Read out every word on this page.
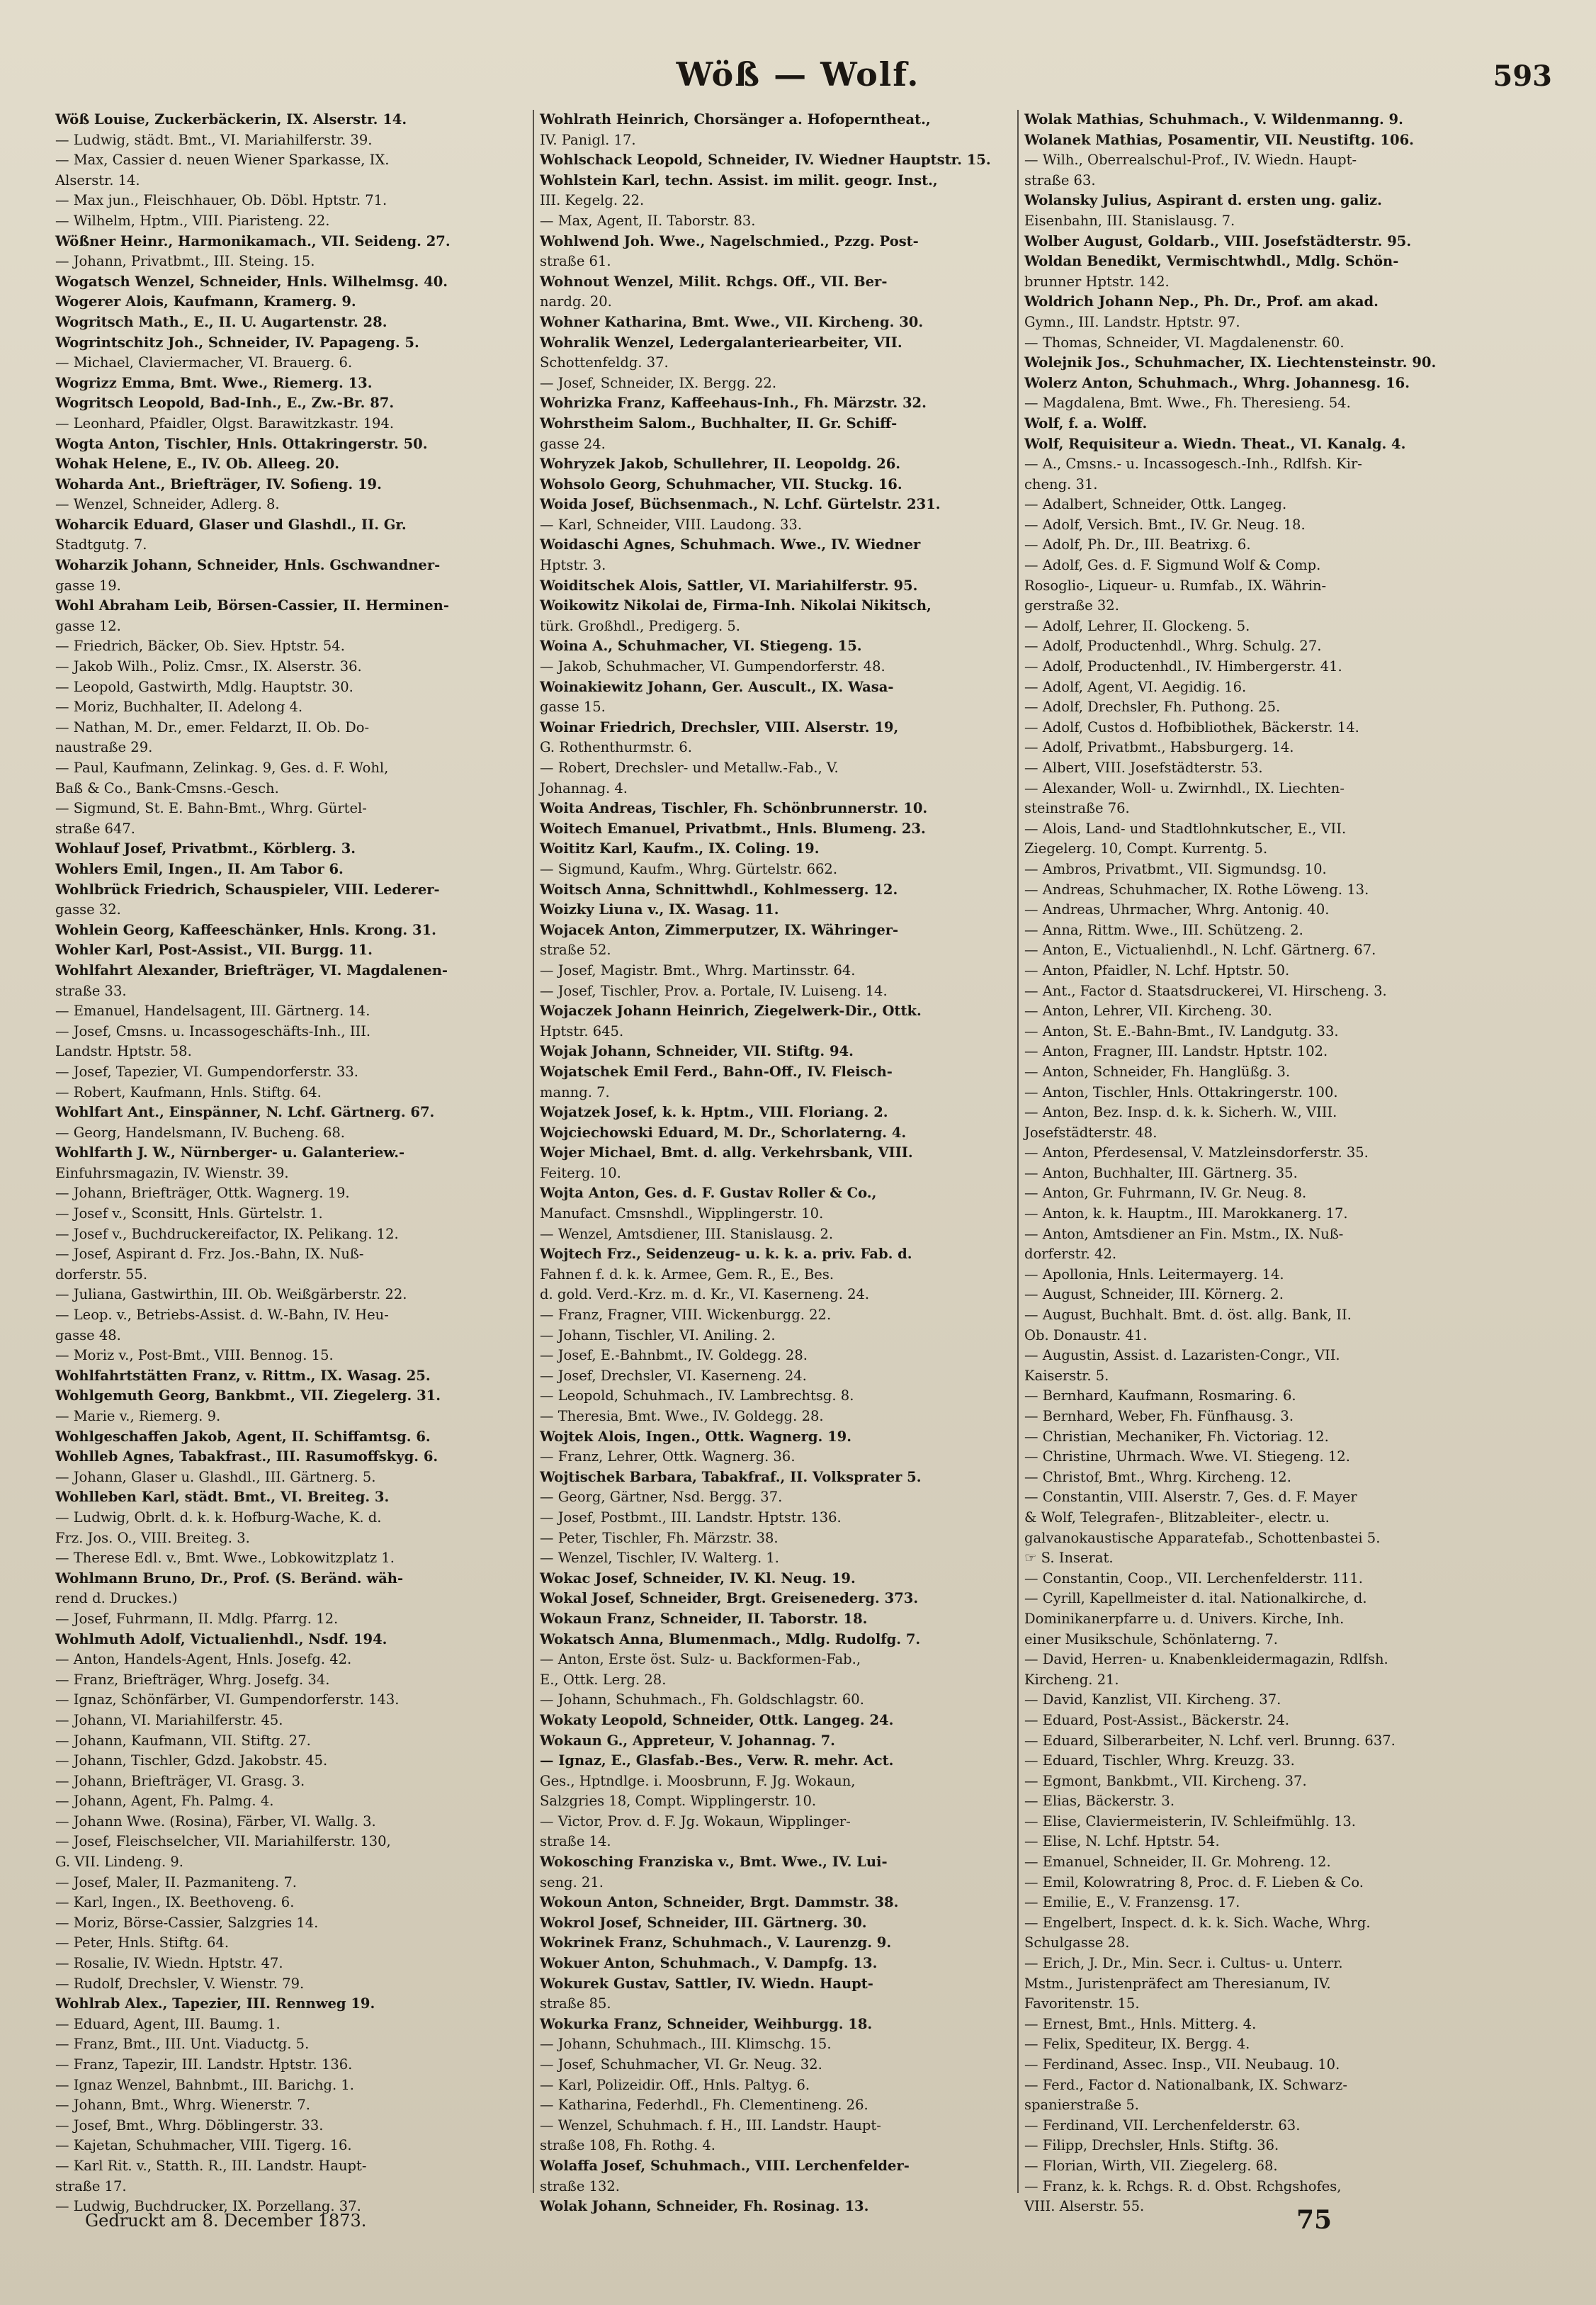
Wöß — Wolf.	593
Wöß Louise, Zuckerbäckerin, IX. Alserstr. 14.
— Ludwig, städt. Bmt., VI. Mariahilferstr. 39.
— Max, Cassier d. neuen Wiener Sparkasse, IX.
Alserstr. 14.
— Max jun., Fleischhauer, Ob. Döbl. Hptstr. 71.
— Wilhelm, Hptm., VIII. Piaristeng. 22.
Wößner Heinr., Harmonikamach., VII. Seideng. 27.
— Johann, Privatbmt., III. Steing. 15.
Wogatsch Wenzel, Schneider, Hnls. Wilhelmsg. 40.
Wogerer Alois, Kaufmann, Kramerg. 9.
Wogritsch Math., E., II. U. Augartenstr. 28.
Wogrintschitz Joh., Schneider, IV. Papageng. 5.
— Michael, Claviermacher, VI. Brauerg. 6.
Wogrizz Emma, Bmt. Wwe., Riemerg. 13.
Wogritsch Leopold, Bad-Inh., E., Zw.-Br. 87.
— Leonhard, Pfaidler, Olgst. Barawitzkastr. 194.
Wogta Anton, Tischler, Hnls. Ottakringerstr. 50.
Wohak Helene, E., IV. Ob. Alleeg. 20.
Woharda Ant., Briefträger, IV. Sofieng. 19.
— Wenzel, Schneider, Adlerg. 8.
Woharcik Eduard, Glaser und Glashdl., II. Gr.
Stadtgutg. 7.
Woharzik Johann, Schneider, Hnls. Gschwandner-
gasse 19.
Wohl Abraham Leib, Börsen-Cassier, II. Herminen-
gasse 12.
— Friedrich, Bäcker, Ob. Siev. Hptstr. 54.
— Jakob Wilh., Poliz. Cmsr., IX. Alserstr. 36.
— Leopold, Gastwirth, Mdlg. Hauptstr. 30.
— Moriz, Buchhalter, II. Adelong 4.
— Nathan, M. Dr., emer. Feldarzt, II. Ob. Do-
naustraße 29.
— Paul, Kaufmann, Zelinkag. 9, Ges. d. F. Wohl,
Baß & Co., Bank-Cmsns.-Gesch.
— Sigmund, St. E. Bahn-Bmt., Whrg. Gürtel-
straße 647.
Wohlauf Josef, Privatbmt., Körblerg. 3.
Wohlers Emil, Ingen., II. Am Tabor 6.
Wohlbrück Friedrich, Schauspieler, VIII. Lederer-
gasse 32.
Wohlein Georg, Kaffeeschänker, Hnls. Krong. 31.
Wohler Karl, Post-Assist., VII. Burgg. 11.
Wohlfahrt Alexander, Briefträger, VI. Magdalenen-
straße 33.
— Emanuel, Handelsagent, III. Gärtnerg. 14.
— Josef, Cmsns. u. Incassogeschäfts-Inh., III.
Landstr. Hptstr. 58.
— Josef, Tapezier, VI. Gumpendorferstr. 33.
— Robert, Kaufmann, Hnls. Stiftg. 64.
Wohlfart Ant., Einspänner, N. Lchf. Gärtnerg. 67.
— Georg, Handelsmann, IV. Bucheng. 68.
Wohlfarth J. W., Nürnberger- u. Galanteriew.-
Einfuhrsmagazin, IV. Wienstr. 39.
— Johann, Briefträger, Ottk. Wagnerg. 19.
— Josef v., Sconsitt, Hnls. Gürtelstr. 1.
— Josef v., Buchdruckereifactor, IX. Pelikang. 12.
— Josef, Aspirant d. Frz. Jos.-Bahn, IX. Nuß-
dorferstr. 55.
— Juliana, Gastwirthin, III. Ob. Weißgärberstr. 22.
— Leop. v., Betriebs-Assist. d. W.-Bahn, IV. Heu-
gasse 48.
— Moriz v., Post-Bmt., VIII. Bennog. 15.
Wohlfahrtstätten Franz, v. Rittm., IX. Wasag. 25.
Wohlgemuth Georg, Bankbmt., VII. Ziegelerg. 31.
— Marie v., Riemerg. 9.
Wohlgeschaffen Jakob, Agent, II. Schiffamtsg. 6.
Wohlleb Agnes, Tabakfrast., III. Rasumoffskyg. 6.
— Johann, Glaser u. Glashdl., III. Gärtnerg. 5.
Wohlleben Karl, städt. Bmt., VI. Breiteg. 3.
— Ludwig, Obrlt. d. k. k. Hofburg-Wache, K. d.
Frz. Jos. O., VIII. Breiteg. 3.
— Therese Edl. v., Bmt. Wwe., Lobkowitzplatz 1.
Wohlmann Bruno, Dr., Prof. (S. Beränd. wäh-
rend d. Druckes.)
— Josef, Fuhrmann, II. Mdlg. Pfarrg. 12.
Wohlmuth Adolf, Victualienhdl., Nsdf. 194.
— Anton, Handels-Agent, Hnls. Josefg. 42.
— Franz, Briefträger, Whrg. Josefg. 34.
— Ignaz, Schönfärber, VI. Gumpendorferstr. 143.
— Johann, VI. Mariahilferstr. 45.
— Johann, Kaufmann, VII. Stiftg. 27.
— Johann, Tischler, Gdzd. Jakobstr. 45.
— Johann, Briefträger, VI. Grasg. 3.
— Johann, Agent, Fh. Palmg. 4.
— Johann Wwe. (Rosina), Färber, VI. Wallg. 3.
— Josef, Fleischselcher, VII. Mariahilferstr. 130,
G. VII. Lindeng. 9.
— Josef, Maler, II. Pazmaniteng. 7.
— Karl, Ingen., IX. Beethoveng. 6.
— Moriz, Börse-Cassier, Salzgries 14.
— Peter, Hnls. Stiftg. 64.
— Rosalie, IV. Wiedn. Hptstr. 47.
— Rudolf, Drechsler, V. Wienstr. 79.
Wohlrab Alex., Tapezier, III. Rennweg 19.
— Eduard, Agent, III. Baumg. 1.
— Franz, Bmt., III. Unt. Viaductg. 5.
— Franz, Tapezir, III. Landstr. Hptstr. 136.
— Ignaz Wenzel, Bahnbmt., III. Barichg. 1.
— Johann, Bmt., Whrg. Wienerstr. 7.
— Josef, Bmt., Whrg. Döblingerstr. 33.
— Kajetan, Schuhmacher, VIII. Tigerg. 16.
— Karl Rit. v., Statth. R., III. Landstr. Haupt-
straße 17.
— Ludwig, Buchdrucker, IX. Porzellang. 37.
Wohlrath Heinrich, Chorsänger a. Hofoperntheat.,
IV. Panigl. 17.
Wohlschack Leopold, Schneider, IV. Wiedner Hauptstr. 15.
Wohlstein Karl, techn. Assist. im milit. geogr. Inst.,
III. Kegelg. 22.
— Max, Agent, II. Taborstr. 83.
Wohlwend Joh. Wwe., Nagelschmied., Pzzg. Post-
straße 61.
Wohnout Wenzel, Milit. Rchgs. Off., VII. Ber-
nardg. 20.
Wohner Katharina, Bmt. Wwe., VII. Kircheng. 30.
Wohralik Wenzel, Ledergalanteriearbeiter, VII.
Schottenfeldg. 37.
— Josef, Schneider, IX. Bergg. 22.
Wohrizka Franz, Kaffeehaus-Inh., Fh. Märzstr. 32.
Wohrstheim Salom., Buchhalter, II. Gr. Schiff-
gasse 24.
Wohryzek Jakob, Schullehrer, II. Leopoldg. 26.
Wohsolo Georg, Schuhmacher, VII. Stuckg. 16.
Woida Josef, Büchsenmach., N. Lchf. Gürtelstr. 231.
— Karl, Schneider, VIII. Laudong. 33.
Woidaschi Agnes, Schuhmach. Wwe., IV. Wiedner
Hptstr. 3.
Woiditschek Alois, Sattler, VI. Mariahilferstr. 95.
Woikowitz Nikolai de, Firma-Inh. Nikolai Nikitsch,
türk. Großhdl., Predigerg. 5.
Woina A., Schuhmacher, VI. Stiegeng. 15.
— Jakob, Schuhmacher, VI. Gumpendorferstr. 48.
Woinakiewitz Johann, Ger. Auscult., IX. Wasa-
gasse 15.
Woinar Friedrich, Drechsler, VIII. Alserstr. 19,
G. Rothenthurmstr. 6.
— Robert, Drechsler- und Metallw.-Fab., V.
Johannag. 4.
Woita Andreas, Tischler, Fh. Schönbrunnerstr. 10.
Woitech Emanuel, Privatbmt., Hnls. Blumeng. 23.
Woititz Karl, Kaufm., IX. Coling. 19.
— Sigmund, Kaufm., Whrg. Gürtelstr. 662.
Woitsch Anna, Schnittwhdl., Kohlmesserg. 12.
Woizky Liuna v., IX. Wasag. 11.
Wojacek Anton, Zimmerputzer, IX. Währinger-
straße 52.
— Josef, Magistr. Bmt., Whrg. Martinsstr. 64.
— Josef, Tischler, Prov. a. Portale, IV. Luiseng. 14.
Wojaczek Johann Heinrich, Ziegelwerk-Dir., Ottk.
Hptstr. 645.
Wojak Johann, Schneider, VII. Stiftg. 94.
Wojatschek Emil Ferd., Bahn-Off., IV. Fleisch-
manng. 7.
Wojatzek Josef, k. k. Hptm., VIII. Floriang. 2.
Wojciechowski Eduard, M. Dr., Schorlaterng. 4.
Wojer Michael, Bmt. d. allg. Verkehrsbank, VIII.
Feiterg. 10.
Wojta Anton, Ges. d. F. Gustav Roller & Co.,
Manufact. Cmsnshdl., Wipplingerstr. 10.
— Wenzel, Amtsdiener, III. Stanislausg. 2.
Wojtech Frz., Seidenzeug- u. k. k. a. priv. Fab. d.
Fahnen f. d. k. k. Armee, Gem. R., E., Bes.
d. gold. Verd.-Krz. m. d. Kr., VI. Kaserneng. 24.
— Franz, Fragner, VIII. Wickenburgg. 22.
— Johann, Tischler, VI. Aniling. 2.
— Josef, E.-Bahnbmt., IV. Goldegg. 28.
— Josef, Drechsler, VI. Kaserneng. 24.
— Leopold, Schuhmach., IV. Lambrechtsg. 8.
— Theresia, Bmt. Wwe., IV. Goldegg. 28.
Wojtek Alois, Ingen., Ottk. Wagnerg. 19.
— Franz, Lehrer, Ottk. Wagnerg. 36.
Wojtischek Barbara, Tabakfraf., II. Volksprater 5.
— Georg, Gärtner, Nsd. Bergg. 37.
— Josef, Postbmt., III. Landstr. Hptstr. 136.
— Peter, Tischler, Fh. Märzstr. 38.
— Wenzel, Tischler, IV. Walterg. 1.
Wokac Josef, Schneider, IV. Kl. Neug. 19.
Wokal Josef, Schneider, Brgt. Greisenederg. 373.
Wokaun Franz, Schneider, II. Taborstr. 18.
Wokatsch Anna, Blumenmach., Mdlg. Rudolfg. 7.
— Anton, Erste öst. Sulz- u. Backformen-Fab.,
E., Ottk. Lerg. 28.
— Johann, Schuhmach., Fh. Goldschlagstr. 60.
Wokaty Leopold, Schneider, Ottk. Langeg. 24.
Wokaun G., Appreteur, V. Johannag. 7.
— Ignaz, E., Glasfab.-Bes., Verw. R. mehr. Act.
Ges., Hptndlge. i. Moosbrunn, F. Jg. Wokaun,
Salzgries 18, Compt. Wipplingerstr. 10.
— Victor, Prov. d. F. Jg. Wokaun, Wipplinger-
straße 14.
Wokosching Franziska v., Bmt. Wwe., IV. Lui-
seng. 21.
Wokoun Anton, Schneider, Brgt. Dammstr. 38.
Wokrol Josef, Schneider, III. Gärtnerg. 30.
Wokrinek Franz, Schuhmach., V. Laurenzg. 9.
Wokuer Anton, Schuhmach., V. Dampfg. 13.
Wokurek Gustav, Sattler, IV. Wiedn. Haupt-
straße 85.
Wokurka Franz, Schneider, Weihburgg. 18.
— Johann, Schuhmach., III. Klimschg. 15.
— Josef, Schuhmacher, VI. Gr. Neug. 32.
— Karl, Polizeidir. Off., Hnls. Paltyg. 6.
— Katharina, Federhdl., Fh. Clementineng. 26.
— Wenzel, Schuhmach. f. H., III. Landstr. Haupt-
straße 108, Fh. Rothg. 4.
Wolaffa Josef, Schuhmach., VIII. Lerchenfelder-
straße 132.
Wolak Johann, Schneider, Fh. Rosinag. 13.
Wolak Mathias, Schuhmach., V. Wildenmanng. 9.
Wolanek Mathias, Posamentir, VII. Neustiftg. 106.
— Wilh., Oberrealschul-Prof., IV. Wiedn. Haupt-
straße 63.
Wolansky Julius, Aspirant d. ersten ung. galiz.
Eisenbahn, III. Stanislausg. 7.
Wolber August, Goldarb., VIII. Josefstädterstr. 95.
Woldan Benedikt, Vermischtwhdl., Mdlg. Schön-
brunner Hptstr. 142.
Woldrich Johann Nep., Ph. Dr., Prof. am akad.
Gymn., III. Landstr. Hptstr. 97.
— Thomas, Schneider, VI. Magdalenenstr. 60.
Wolejnik Jos., Schuhmacher, IX. Liechtensteinstr. 90.
Wolerz Anton, Schuhmach., Whrg. Johannesg. 16.
— Magdalena, Bmt. Wwe., Fh. Theresieng. 54.
Wolf, f. a. Wolff.
Wolf, Requisiteur a. Wiedn. Theat., VI. Kanalg. 4.
— A., Cmsns.- u. Incassogesch.-Inh., Rdlfsh. Kir-
cheng. 31.
— Adalbert, Schneider, Ottk. Langeg.
— Adolf, Versich. Bmt., IV. Gr. Neug. 18.
— Adolf, Ph. Dr., III. Beatrixg. 6.
— Adolf, Ges. d. F. Sigmund Wolf & Comp.
Rosoglio-, Liqueur- u. Rumfab., IX. Währin-
gerstraße 32.
— Adolf, Lehrer, II. Glockeng. 5.
— Adolf, Productenhdl., Whrg. Schulg. 27.
— Adolf, Productenhdl., IV. Himbergerstr. 41.
— Adolf, Agent, VI. Aegidig. 16.
— Adolf, Drechsler, Fh. Puthong. 25.
— Adolf, Custos d. Hofbibliothek, Bäckerstr. 14.
— Adolf, Privatbmt., Habsburgerg. 14.
— Albert, VIII. Josefstädterstr. 53.
— Alexander, Woll- u. Zwirnhdl., IX. Liechten-
steinstraße 76.
— Alois, Land- und Stadtlohnkutscher, E., VII.
Ziegelerg. 10, Compt. Kurrentg. 5.
— Ambros, Privatbmt., VII. Sigmundsg. 10.
— Andreas, Schuhmacher, IX. Rothe Löweng. 13.
— Andreas, Uhrmacher, Whrg. Antonig. 40.
— Anna, Rittm. Wwe., III. Schützeng. 2.
— Anton, E., Victualienhdl., N. Lchf. Gärtnerg. 67.
— Anton, Pfaidler, N. Lchf. Hptstr. 50.
— Ant., Factor d. Staatsdruckerei, VI. Hirscheng. 3.
— Anton, Lehrer, VII. Kircheng. 30.
— Anton, St. E.-Bahn-Bmt., IV. Landgutg. 33.
— Anton, Fragner, III. Landstr. Hptstr. 102.
— Anton, Schneider, Fh. Hanglüßg. 3.
— Anton, Tischler, Hnls. Ottakringerstr. 100.
— Anton, Bez. Insp. d. k. k. Sicherh. W., VIII.
Josefstädterstr. 48.
— Anton, Pferdesensal, V. Matzleinsdorferstr. 35.
— Anton, Buchhalter, III. Gärtnerg. 35.
— Anton, Gr. Fuhrmann, IV. Gr. Neug. 8.
— Anton, k. k. Hauptm., III. Marokkanerg. 17.
— Anton, Amtsdiener an Fin. Mstm., IX. Nuß-
dorferstr. 42.
— Apollonia, Hnls. Leitermayerg. 14.
— August, Schneider, III. Körnerg. 2.
— August, Buchhalt. Bmt. d. öst. allg. Bank, II.
Ob. Donaustr. 41.
— Augustin, Assist. d. Lazaristen-Congr., VII.
Kaiserstr. 5.
— Bernhard, Kaufmann, Rosmaring. 6.
— Bernhard, Weber, Fh. Fünfhausg. 3.
— Christian, Mechaniker, Fh. Victoriag. 12.
— Christine, Uhrmach. Wwe. VI. Stiegeng. 12.
— Christof, Bmt., Whrg. Kircheng. 12.
— Constantin, VIII. Alserstr. 7, Ges. d. F. Mayer
& Wolf, Telegrafen-, Blitzableiter-, electr. u.
galvanokaustische Apparatefab., Schottenbastei 5.
☞ S. Inserat.
— Constantin, Coop., VII. Lerchenfelderstr. 111.
— Cyrill, Kapellmeister d. ital. Nationalkirche, d.
Dominikanerpfarre u. d. Univers. Kirche, Inh.
einer Musikschule, Schönlaterng. 7.
— David, Herren- u. Knabenkleidermagazin, Rdlfsh.
Kircheng. 21.
— David, Kanzlist, VII. Kircheng. 37.
— Eduard, Post-Assist., Bäckerstr. 24.
— Eduard, Silberarbeiter, N. Lchf. verl. Brunng. 637.
— Eduard, Tischler, Whrg. Kreuzg. 33.
— Egmont, Bankbmt., VII. Kircheng. 37.
— Elias, Bäckerstr. 3.
— Elise, Claviermeisterin, IV. Schleifmühlg. 13.
— Elise, N. Lchf. Hptstr. 54.
— Emanuel, Schneider, II. Gr. Mohreng. 12.
— Emil, Kolowratring 8, Proc. d. F. Lieben & Co.
— Emilie, E., V. Franzensg. 17.
— Engelbert, Inspect. d. k. k. Sich. Wache, Whrg.
Schulgasse 28.
— Erich, J. Dr., Min. Secr. i. Cultus- u. Unterr.
Mstm., Juristenpräfect am Theresianum, IV.
Favoritenstr. 15.
— Ernest, Bmt., Hnls. Mitterg. 4.
— Felix, Spediteur, IX. Bergg. 4.
— Ferdinand, Assec. Insp., VII. Neubaug. 10.
— Ferd., Factor d. Nationalbank, IX. Schwarz-
spanierstraße 5.
— Ferdinand, VII. Lerchenfelderstr. 63.
— Filipp, Drechsler, Hnls. Stiftg. 36.
— Florian, Wirth, VII. Ziegelerg. 68.
— Franz, k. k. Rchgs. R. d. Obst. Rchgshofes,
VIII. Alserstr. 55.
Gedruckt am 8. December 1873.	75
